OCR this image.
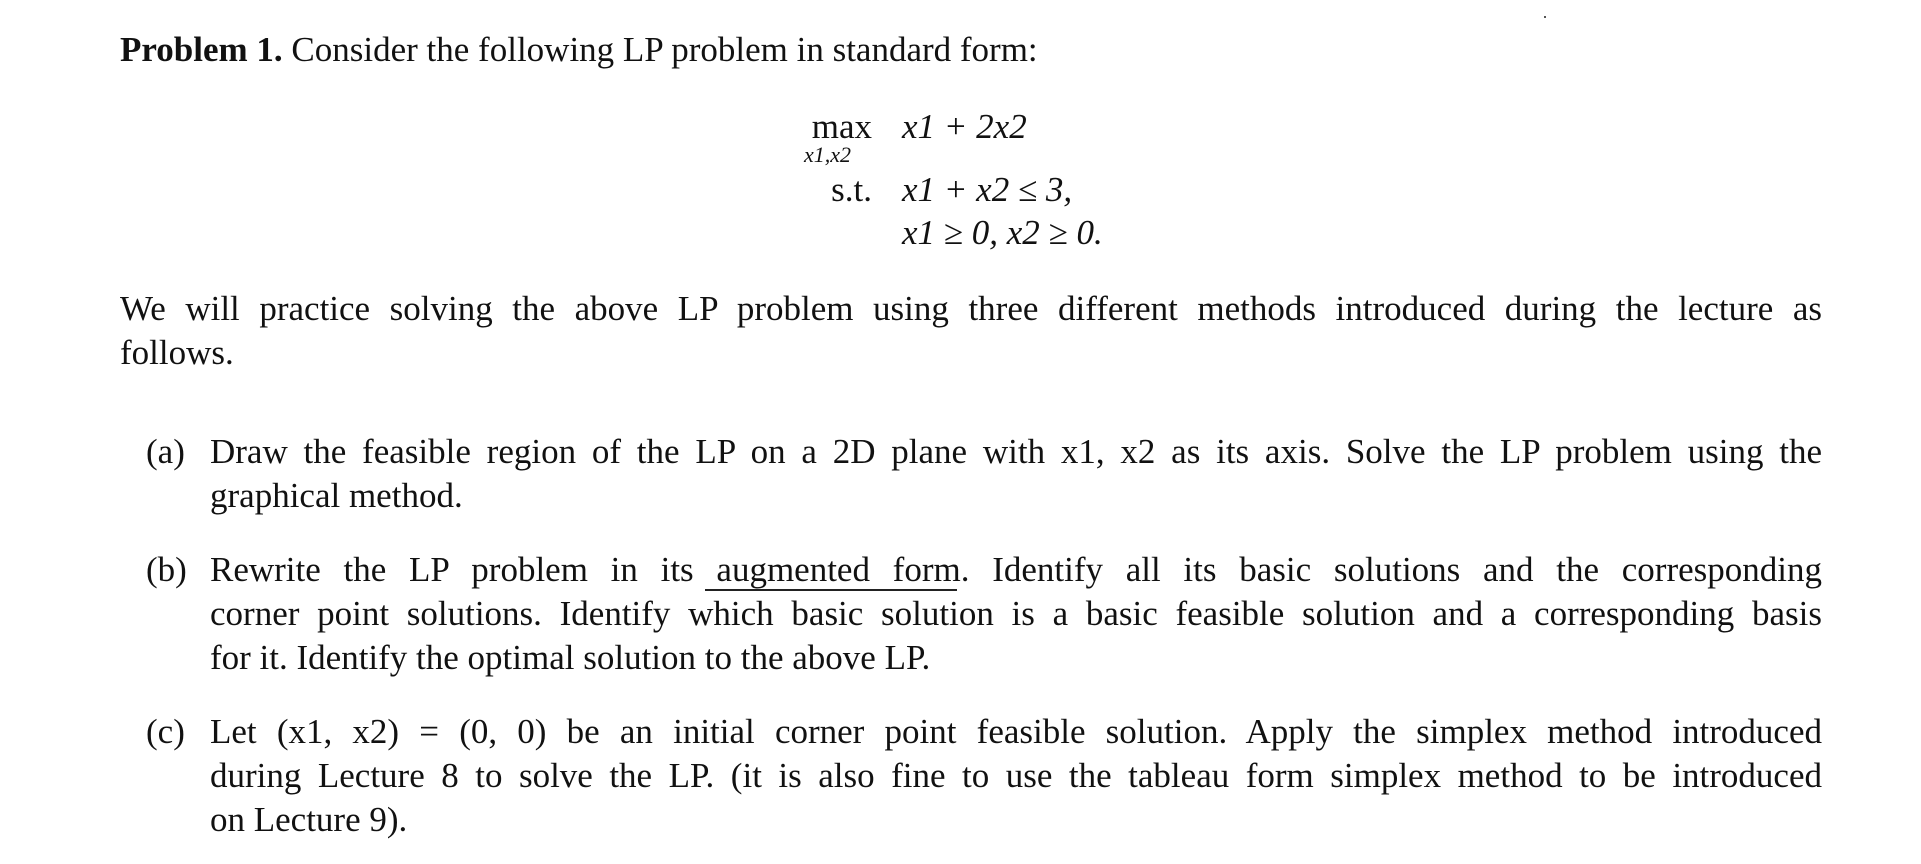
Problem 1. Consider the following LP problem in standard form:
max
x1,x2
x1 + 2x2
s.t. x1 + x2 ≤ 3,
x1 ≥ 0, x2 ≥ 0.
We will practice solving the above LP problem using three different methods introduced during the lecture as
follows.
(a) Draw the feasible region of the LP on a 2D plane with x1, x2 as its axis. Solve the LP problem using the
graphical method.
(b) Rewrite the LP problem in its augmented form. Identify all its basic solutions and the corresponding
corner point solutions. Identify which basic solution is a basic feasible solution and a corresponding basis
for it. Identify the optimal solution to the above LP.
(c) Let (x1, x2) = (0, 0) be an initial corner point feasible solution. Apply the simplex method introduced
during Lecture 8 to solve the LP. (it is also fine to use the tableau form simplex method to be introduced
on Lecture 9).
